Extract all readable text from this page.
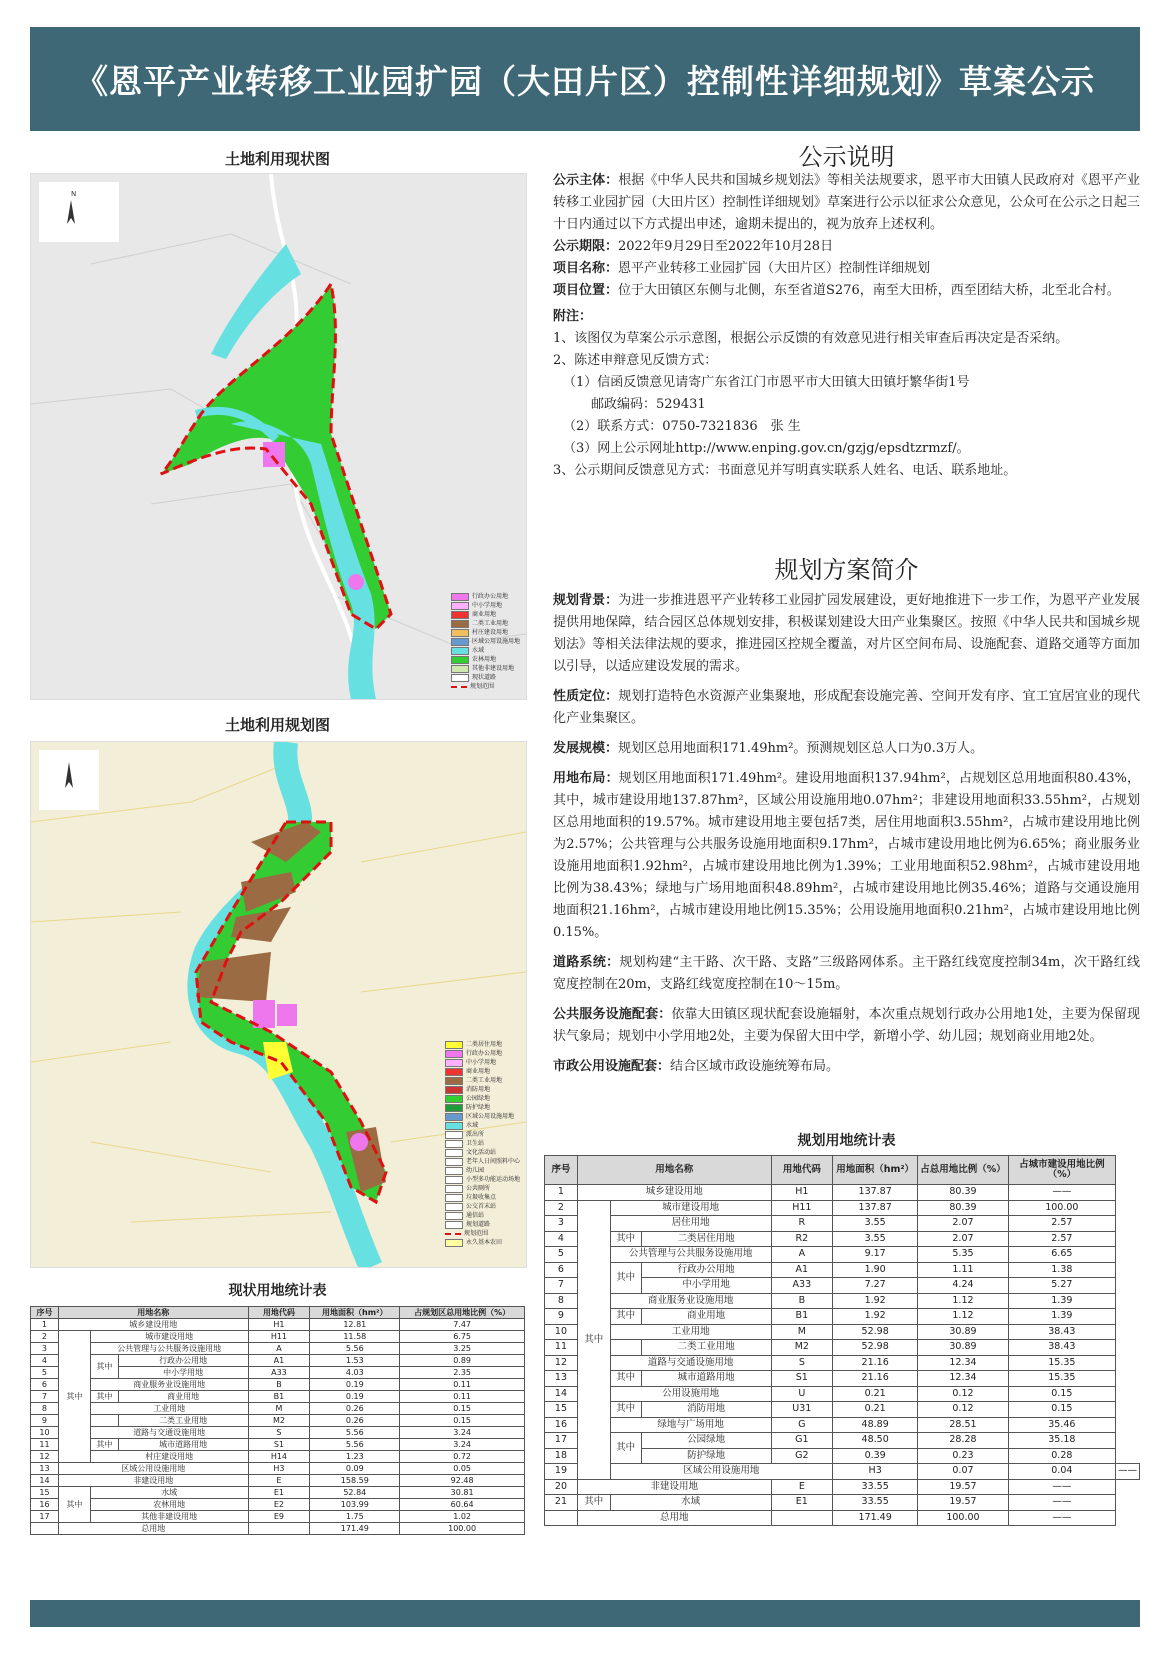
《恩平产业转移工业园扩园（大田片区）控制性详细规划》草案公示
土地利用现状图
N
行政办公用地
中小学用地
商业用地
二类工业用地
村庄建设用地
区域公用设施用地
水域
农林用地
其他非建设用地
现状道路
规划范围
土地利用规划图
二类居住用地
行政办公用地
中小学用地
商业用地
二类工业用地
消防用地
公园绿地
防护绿地
区域公用设施用地
水域
派出所
卫生站
文化活动站
老年人日间照料中心
幼儿园
小型多功能运动场地
公共厕所
垃圾收集点
公交首末站
通信站
规划道路
规划范围
永久基本农田
现状用地统计表
序号	用地名称			用地代码	用地面积（hm²）	占规划区总用地比例（%）
1	城乡建设用地			H1	12.81	7.47
2	其中	城市建设用地		H11	11.58	6.75
3		公共管理与公共服务设施用地		A	5.56	3.25
4		其中	行政办公用地	A1	1.53	0.89
5			中小学用地	A33	4.03	2.35
6		商业服务业设施用地		B	0.19	0.11
7		其中	商业用地	B1	0.19	0.11
8		工业用地		M	0.26	0.15
9			二类工业用地	M2	0.26	0.15
10		道路与交通设施用地		S	5.56	3.24
11		其中	城市道路用地	S1	5.56	3.24
12		村庄建设用地		H14	1.23	0.72
13	区域公用设施用地			H3	0.09	0.05
14	非建设用地			E	158.59	92.48
15	其中	水域		E1	52.84	30.81
16		农林用地		E2	103.99	60.64
17		其他非建设用地		E9	1.75	1.02
	总用地				171.49	100.00
公示说明

公示主体：根据《中华人民共和国城乡规划法》等相关法规要求，恩平市大田镇人民政府对《恩平产业转移工业园扩园（大田片区）控制性详细规划》草案进行公示以征求公众意见，公众可在公示之日起三十日内通过以下方式提出申述，逾期未提出的，视为放弃上述权利。

公示期限：2022年9月29日至2022年10月28日

项目名称：恩平产业转移工业园扩园（大田片区）控制性详细规划

项目位置：位于大田镇区东侧与北侧，东至省道S276，南至大田桥，西至团结大桥，北至北合村。

附注：

1、该图仅为草案公示示意图，根据公示反馈的有效意见进行相关审查后再决定是否采纳。

2、陈述申辩意见反馈方式：

（1）信函反馈意见请寄广东省江门市恩平市大田镇大田镇圩繁华街1号

邮政编码：529431

（2）联系方式：0750-7321836　张 生

（3）网上公示网址http://www.enping.gov.cn/gzjg/epsdtzrmzf/。

3、公示期间反馈意见方式：书面意见并写明真实联系人姓名、电话、联系地址。

规划方案简介

规划背景：为进一步推进恩平产业转移工业园扩园发展建设，更好地推进下一步工作，为恩平产业发展提供用地保障，结合园区总体规划安排，积极谋划建设大田产业集聚区。按照《中华人民共和国城乡规划法》等相关法律法规的要求，推进园区控规全覆盖，对片区空间布局、设施配套、道路交通等方面加以引导，以适应建设发展的需求。

性质定位：规划打造特色水资源产业集聚地，形成配套设施完善、空间开发有序、宜工宜居宜业的现代化产业集聚区。

发展规模：规划区总用地面积171.49hm²。预测规划区总人口为0.3万人。

用地布局：规划区用地面积171.49hm²。建设用地面积137.94hm²，占规划区总用地面积80.43%，其中，城市建设用地137.87hm²，区域公用设施用地0.07hm²；非建设用地面积33.55hm²，占规划区总用地面积的19.57%。城市建设用地主要包括7类，居住用地面积3.55hm²，占城市建设用地比例为2.57%；公共管理与公共服务设施用地面积9.17hm²，占城市建设用地比例为6.65%；商业服务业设施用地面积1.92hm²，占城市建设用地比例为1.39%；工业用地面积52.98hm²，占城市建设用地比例为38.43%；绿地与广场用地面积48.89hm²，占城市建设用地比例35.46%；道路与交通设施用地面积21.16hm²，占城市建设用地比例15.35%；公用设施用地面积0.21hm²，占城市建设用地比例0.15%。

道路系统：规划构建“主干路、次干路、支路”三级路网体系。主干路红线宽度控制34m，次干路红线宽度控制在20m，支路红线宽度控制在10～15m。

公共服务设施配套：依靠大田镇区现状配套设施辐射，本次重点规划行政办公用地1处，主要为保留现状气象局；规划中小学用地2处，主要为保留大田中学，新增小学、幼儿园；规划商业用地2处。

市政公用设施配套：结合区域市政设施统筹布局。

规划用地统计表
序号	用地名称			用地代码	用地面积（hm²）	占总用地比例（%）	占城市建设用地比例（%）	
1	城乡建设用地			H1	137.87	80.39	——	
2	其中	城市建设用地		H11	137.87	80.39	100.00	
3		居住用地		R	3.55	2.07	2.57	
4		其中	二类居住用地	R2	3.55	2.07	2.57	
5		公共管理与公共服务设施用地		A	9.17	5.35	6.65	
6		其中	行政办公用地	A1	1.90	1.11	1.38	
7			中小学用地	A33	7.27	4.24	5.27	
8		商业服务业设施用地		B	1.92	1.12	1.39	
9		其中	商业用地	B1	1.92	1.12	1.39	
10		工业用地		M	52.98	30.89	38.43	
11			二类工业用地	M2	52.98	30.89	38.43	
12		道路与交通设施用地		S	21.16	12.34	15.35	
13		其中	城市道路用地	S1	21.16	12.34	15.35	
14		公用设施用地		U	0.21	0.12	0.15	
15		其中	消防用地	U31	0.21	0.12	0.15	
16		绿地与广场用地		G	48.89	28.51	35.46	
17		其中	公园绿地	G1	48.50	28.28	35.18	
18			防护绿地	G2	0.39	0.23	0.28	
19		区域公用设施用地			H3	0.07	0.04	——
20	非建设用地			E	33.55	19.57	——	
21	其中	水域		E1	33.55	19.57	——	
	总用地				171.49	100.00	——	
